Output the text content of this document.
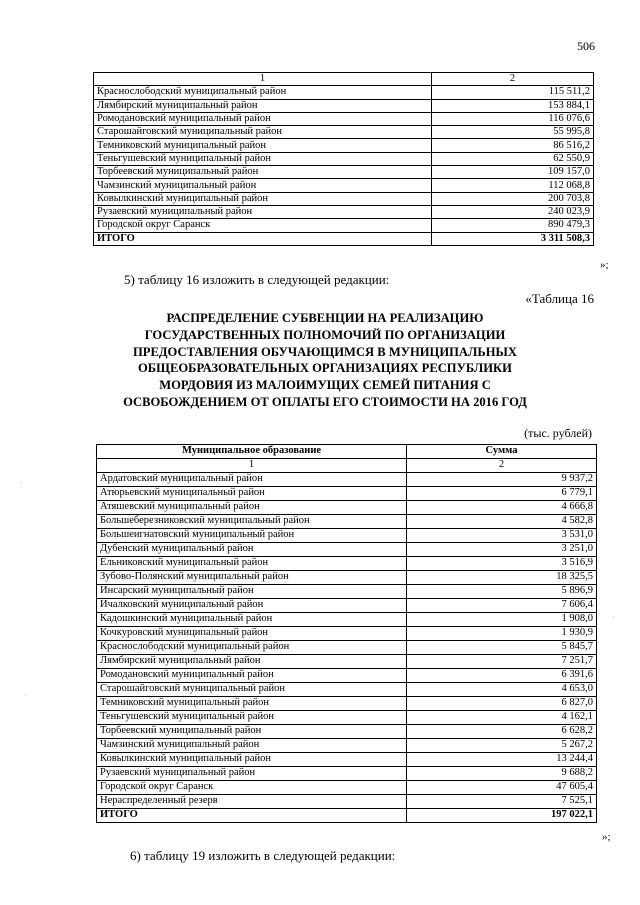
506
1	2
Краснослободский муниципальный район	115 511,2
Лямбирский муниципальный район	153 884,1
Ромодановский муниципальный район	116 076,6
Старошайговский муниципальный район	55 995,8
Темниковский муниципальный район	86 516,2
Теньгушевский муниципальный район	62 550,9
Торбеевский муниципальный район	109 157,0
Чамзинский муниципальный район	112 068,8
Ковылкинский муниципальный район	200 703,8
Рузаевский муниципальный район	240 023,9
Городской округ Саранск	890 479,3
ИТОГО	3 311 508,3
»;
5) таблицу 16 изложить в следующей редакции:
«Таблица 16
РАСПРЕДЕЛЕНИЕ СУБВЕНЦИИ НА РЕАЛИЗАЦИЮ
ГОСУДАРСТВЕННЫХ ПОЛНОМОЧИЙ ПО ОРГАНИЗАЦИИ
ПРЕДОСТАВЛЕНИЯ ОБУЧАЮЩИМСЯ В МУНИЦИПАЛЬНЫХ
ОБЩЕОБРАЗОВАТЕЛЬНЫХ ОРГАНИЗАЦИЯХ РЕСПУБЛИКИ
МОРДОВИЯ ИЗ МАЛОИМУЩИХ СЕМЕЙ ПИТАНИЯ С
ОСВОБОЖДЕНИЕМ ОТ ОПЛАТЫ ЕГО СТОИМОСТИ НА 2016 ГОД
(тыс. рублей)
Муниципальное образование	Сумма
1	2
Ардатовский муниципальный район	9 937,2
Атюрьевский муниципальный район	6 779,1
Атяшевский муниципальный район	4 666,8
Большеберезниковский муниципальный район	4 582,8
Большеигнатовский муниципальный район	3 531,0
Дубенский муниципальный район	3 251,0
Ельниковский муниципальный район	3 516,9
Зубово-Полянский муниципальный район	18 325,5
Инсарский муниципальный район	5 896,9
Ичалковский муниципальный район	7 606,4
Кадошкинский муниципальный район	1 908,0
Кочкуровский муниципальный район	1 930,9
Краснослободский муниципальный район	5 845,7
Лямбирский муниципальный район	7 251,7
Ромодановский муниципальный район	6 391,6
Старошайговский муниципальный район	4 653,0
Темниковский муниципальный район	6 827,0
Теньгушевский муниципальный район	4 162,1
Торбеевский муниципальный район	6 628,2
Чамзинский муниципальный район	5 267,2
Ковылкинский муниципальный район	13 244,4
Рузаевский муниципальный район	9 688,2
Городской округ Саранск	47 605,4
Нераспределенный резерв	7 525,1
ИТОГО	197 022,1
»;
6) таблицу 19 изложить в следующей редакции:
·
·
·
